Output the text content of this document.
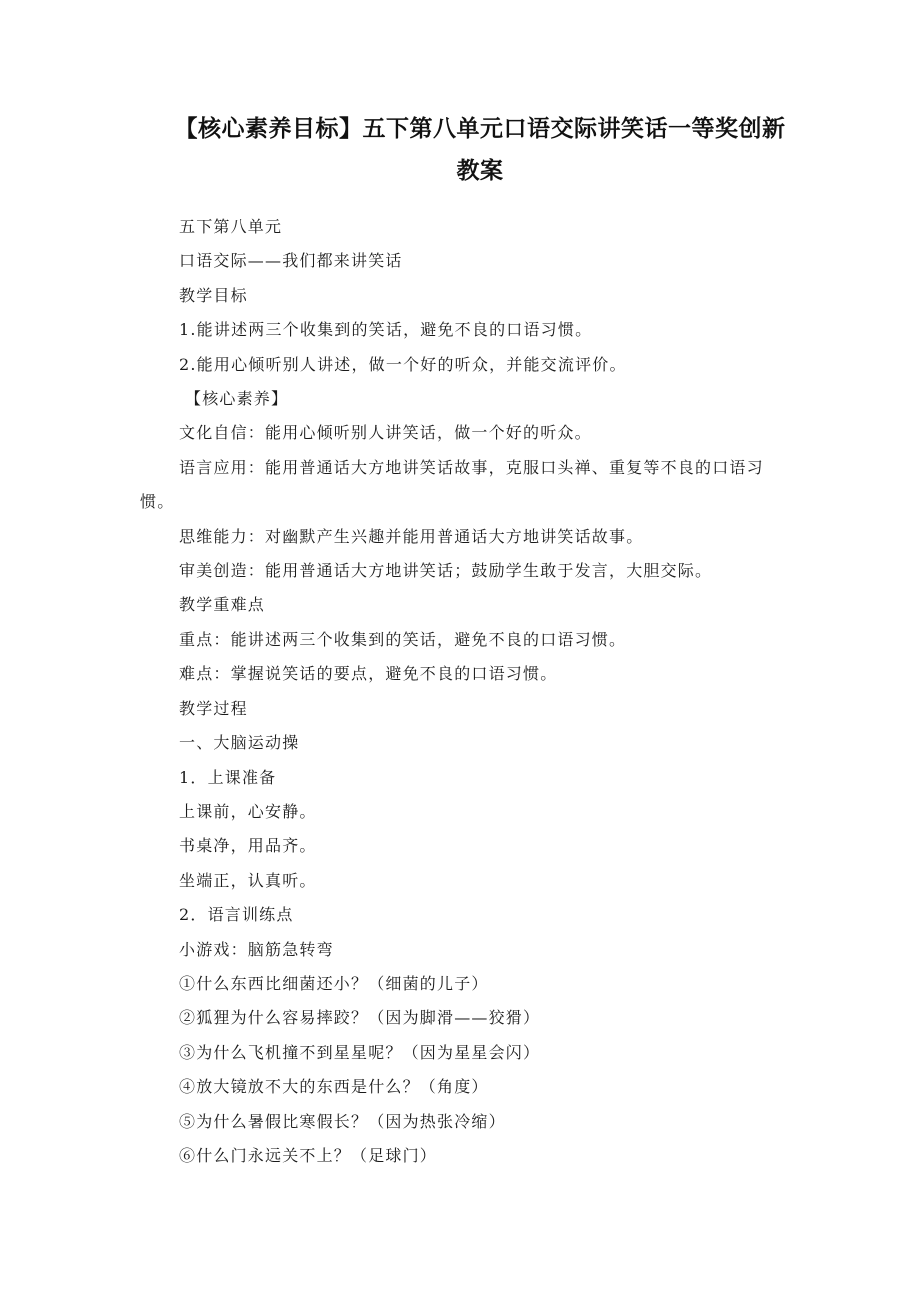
【核心素养目标】五下第八单元口语交际讲笑话一等奖创新教案

五下第八单元

口语交际——我们都来讲笑话

教学目标

1.能讲述两三个收集到的笑话，避免不良的口语习惯。

2.能用心倾听别人讲述，做一个好的听众，并能交流评价。

【核心素养】

文化自信：能用心倾听别人讲笑话，做一个好的听众。

语言应用：能用普通话大方地讲笑话故事，克服口头禅、重复等不良的口语习惯。

思维能力：对幽默产生兴趣并能用普通话大方地讲笑话故事。

审美创造：能用普通话大方地讲笑话；鼓励学生敢于发言，大胆交际。

教学重难点

重点：能讲述两三个收集到的笑话，避免不良的口语习惯。

难点：掌握说笑话的要点，避免不良的口语习惯。

教学过程

一、大脑运动操

1．上课准备

上课前，心安静。

书桌净，用品齐。

坐端正，认真听。

2．语言训练点

小游戏：脑筋急转弯

①什么东西比细菌还小？（细菌的儿子）

②狐狸为什么容易摔跤？（因为脚滑——狡猾）

③为什么飞机撞不到星星呢？（因为星星会闪）

④放大镜放不大的东西是什么？（角度）

⑤为什么暑假比寒假长？（因为热张冷缩）

⑥什么门永远关不上？（足球门）
